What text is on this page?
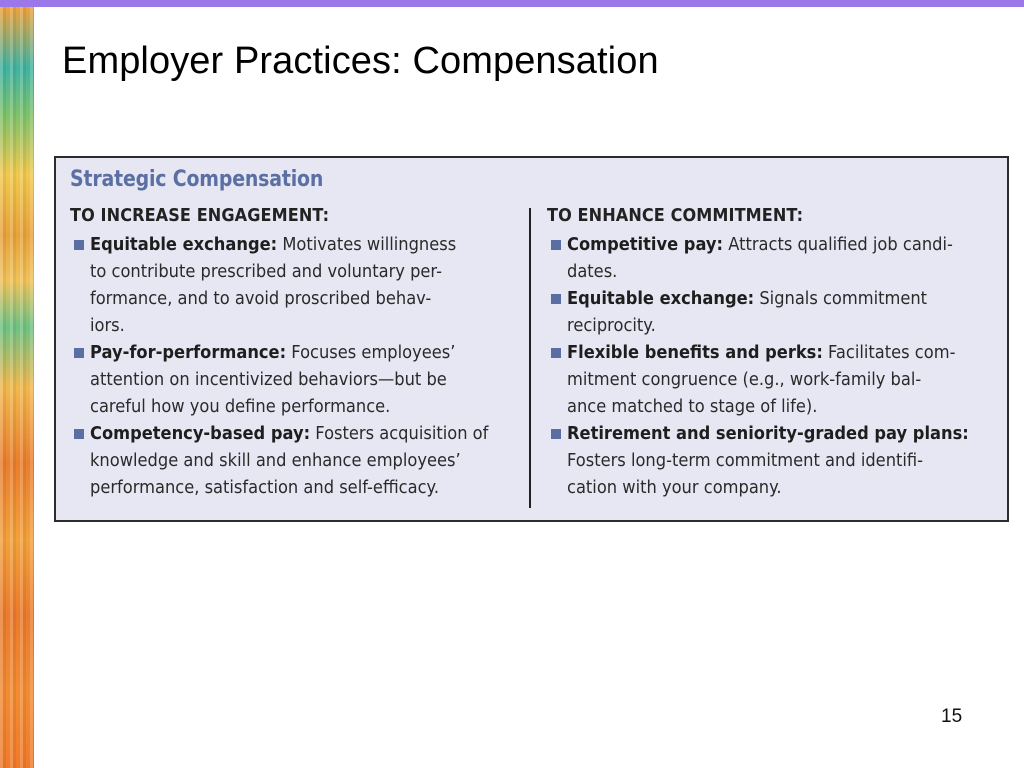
Employer Practices: Compensation
Strategic Compensation
TO INCREASE ENGAGEMENT:
Equitable exchange: Motivates willingness
to contribute prescribed and voluntary per-
formance, and to avoid proscribed behav-
iors.
Pay-for-performance: Focuses employees’
attention on incentivized behaviors—but be
careful how you define performance.
Competency-based pay: Fosters acquisition of
knowledge and skill and enhance employees’
performance, satisfaction and self-efficacy.
TO ENHANCE COMMITMENT:
Competitive pay: Attracts qualified job candi-
dates.
Equitable exchange: Signals commitment
reciprocity.
Flexible benefits and perks: Facilitates com-
mitment congruence (e.g., work-family bal-
ance matched to stage of life).
Retirement and seniority-graded pay plans:
Fosters long-term commitment and identifi-
cation with your company.
15
